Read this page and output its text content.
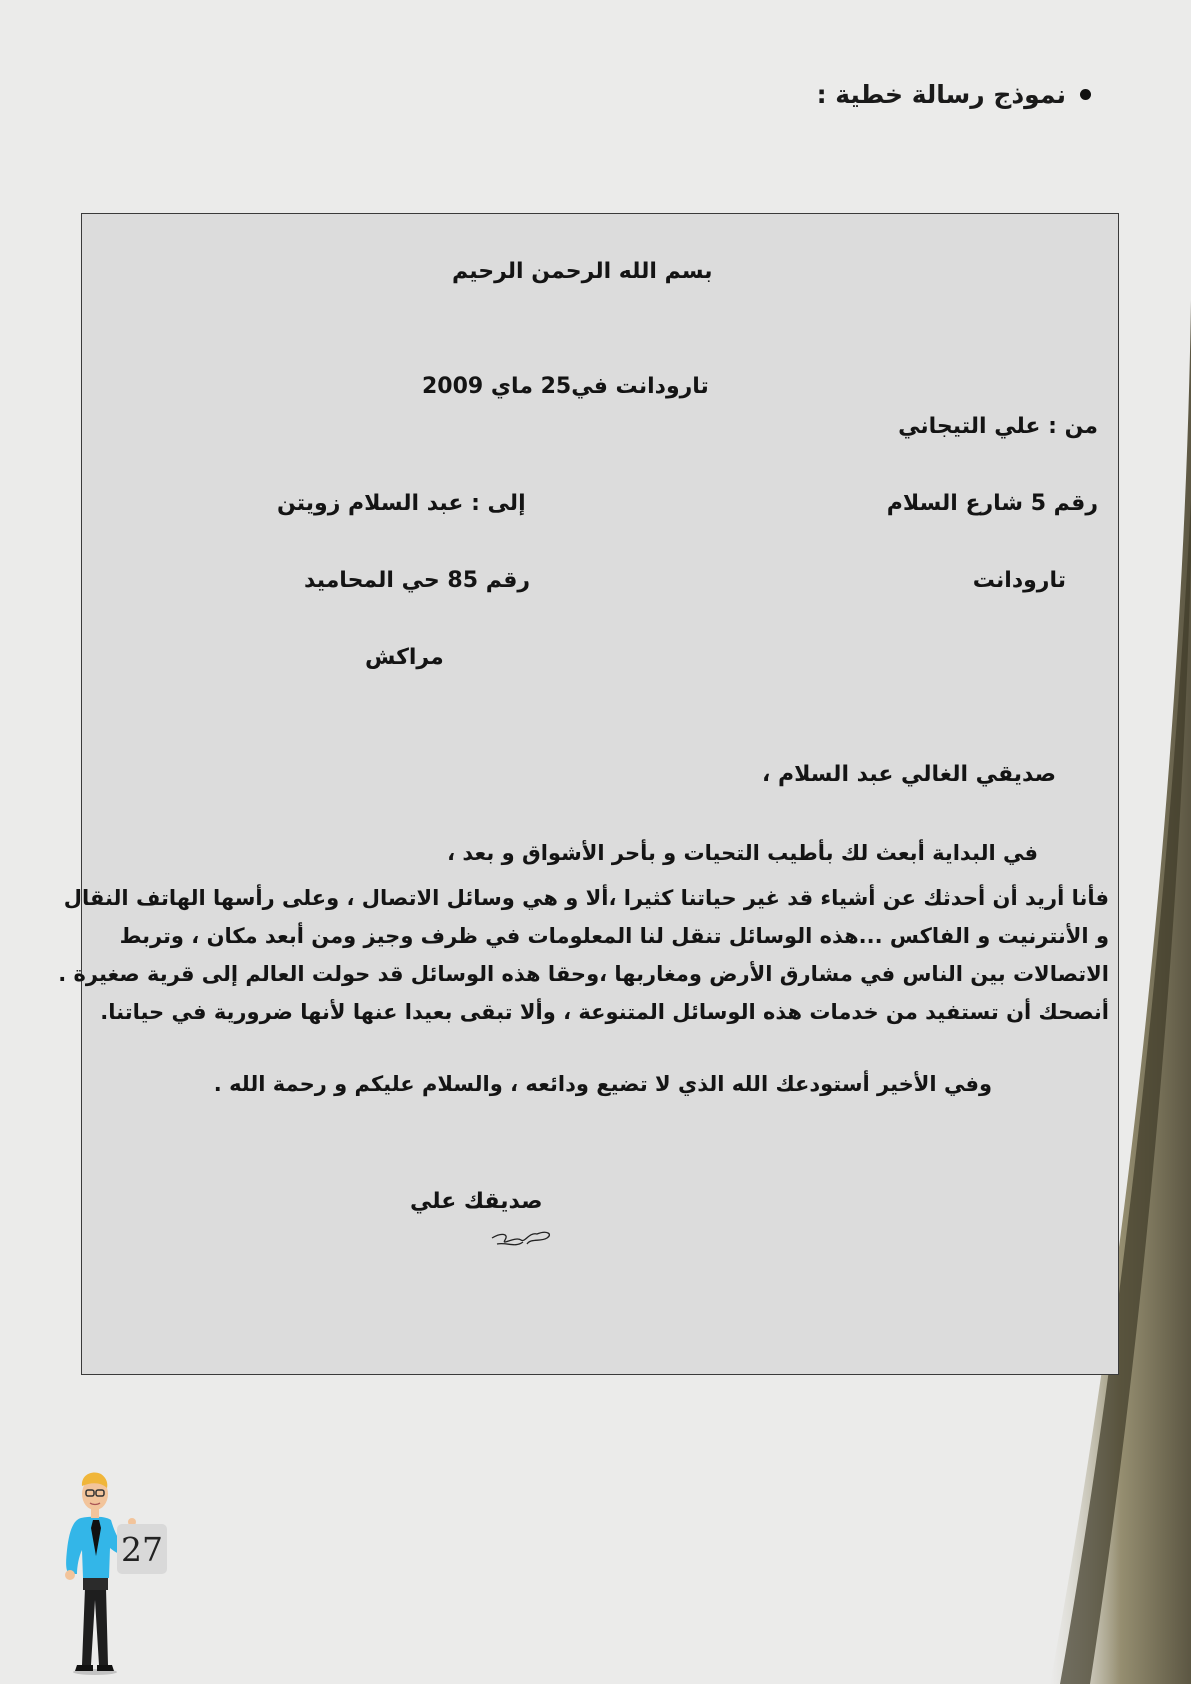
نموذج رسالة خطية :
بسم الله الرحمن الرحيم
تارودانت في25 ماي 2009
من : علي التيجاني
رقم 5 شارع السلام
إلى : عبد السلام زويتن
تارودانت
رقم 85 حي المحاميد
مراكش
صديقي الغالي عبد السلام ،
في البداية أبعث لك بأطيب التحيات و بأحر الأشواق و بعد ،
فأنا أريد أن أحدثك عن أشياء قد غير حياتنا كثيرا ،ألا و هي وسائل الاتصال ، وعلى رأسها الهاتف النقال
و الأنترنيت و الفاكس ...هذه الوسائل تنقل لنا المعلومات في ظرف وجيز ومن أبعد مكان ، وتربط
الاتصالات بين الناس في مشارق الأرض ومغاربها ،وحقا هذه الوسائل قد حولت العالم إلى قرية صغيرة .
أنصحك أن تستفيد من خدمات هذه الوسائل المتنوعة ، وألا تبقى بعيدا عنها لأنها ضرورية في حياتنا.
وفي الأخير أستودعك الله الذي لا تضيع ودائعه ، والسلام عليكم و رحمة الله .
صديقك علي
27
